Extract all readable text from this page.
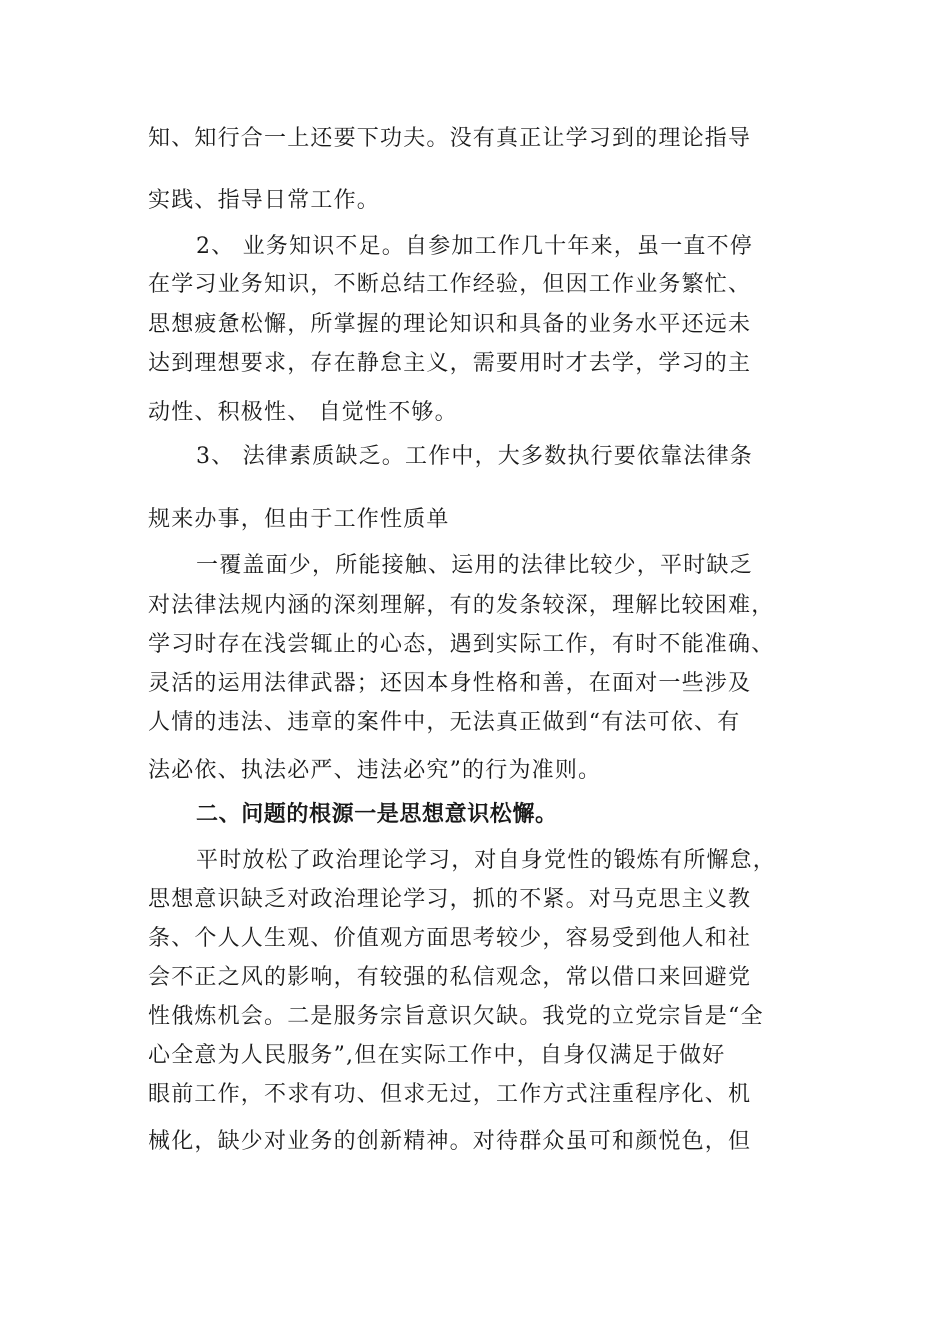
知、知行合一上还要下功夫。没有真正让学习到的理论指导
实践、指导日常工作。
2、 业务知识不足。自参加工作几十年来，虽一直不停
在学习业务知识，不断总结工作经验，但因工作业务繁忙、
思想疲惫松懈，所掌握的理论知识和具备的业务水平还远未
达到理想要求，存在静怠主义，需要用时才去学，学习的主
动性、积极性、 自觉性不够。
3、 法律素质缺乏。工作中，大多数执行要依靠法律条
规来办事，但由于工作性质单
一覆盖面少，所能接触、运用的法律比较少，平时缺乏
对法律法规内涵的深刻理解，有的发条较深，理解比较困难，
学习时存在浅尝辄止的心态，遇到实际工作，有时不能准确、
灵活的运用法律武器；还因本身性格和善，在面对一些涉及
人情的违法、违章的案件中，无法真正做到“有法可依、有
法必依、执法必严、违法必究”的行为准则。
二、问题的根源一是思想意识松懈。
平时放松了政治理论学习，对自身党性的锻炼有所懈怠，
思想意识缺乏对政治理论学习，抓的不紧。对马克思主义教
条、个人人生观、价值观方面思考较少，容易受到他人和社
会不正之风的影响，有较强的私信观念，常以借口来回避党
性俄炼机会。二是服务宗旨意识欠缺。我党的立党宗旨是“全
心全意为人民服务”,但在实际工作中，自身仅满足于做好
眼前工作，不求有功、但求无过，工作方式注重程序化、机
械化，缺少对业务的创新精神。对待群众虽可和颜悦色，但
